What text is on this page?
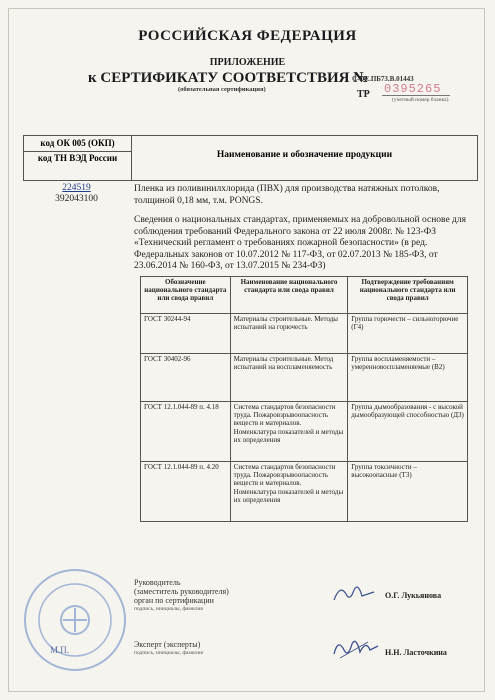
РОССИЙСКАЯ ФЕДЕРАЦИЯ
ПРИЛОЖЕНИЕ
к СЕРТИФИКАТУ СООТВЕТСТВИЯ №
C-DE.ПБ73.В.01443
(обязательная сертификация)	ТР 0395265
(учетный номер бланка)
код ОК 005 (ОКП)
код ТН ВЭД России	Наименование и обозначение продукции
224519
392043100
Пленка из поливинилхлорида (ПВХ) для производства натяжных потолков, толщиной 0,18 мм, т.м. PONGS.
Сведения о национальных стандартах, применяемых на добровольной основе для соблюдения требований Федерального закона от 22 июля 2008г. № 123-ФЗ «Технический регламент о требованиях пожарной безопасности» (в ред. Федеральных законов от 10.07.2012 № 117-ФЗ, от 02.07.2013 № 185-ФЗ, от 23.06.2014 № 160-ФЗ, от 13.07.2015 № 234-ФЗ)
Обозначение национального стандарта или свода правил	Наименование национального стандарта или свода правил	Подтверждение требованиям национального стандарта или свода правил
ГОСТ 30244-94	Материалы строительные. Методы испытаний на горючесть	Группа горючести – сильногорючие (Г4)
ГОСТ 30402-96	Материалы строительные. Метод испытаний на воспламеняемость	Группа воспламеняемости – умеренновоспламеняемые (В2)
ГОСТ 12.1.044-89 п. 4.18	Система стандартов безопасности труда. Пожаровзрывоопасность веществ и материалов. Номенклатура показателей и методы их определения	Группа дымообразования - с высокой дымообразующей способностью (Д3)
ГОСТ 12.1.044-89 п. 4.20	Система стандартов безопасности труда. Пожаровзрывоопасность веществ и материалов. Номенклатура показателей и методы их определения	Группа токсичности – высокоопасные (Т3)
Руководитель
(заместитель руководителя)
орган по сертификации
подпись, инициалы, фамилия
О.Г. Лукьянова
Эксперт (эксперты)
подпись, инициалы, фамилия	Н.Н. Ласточкина
М.П.
